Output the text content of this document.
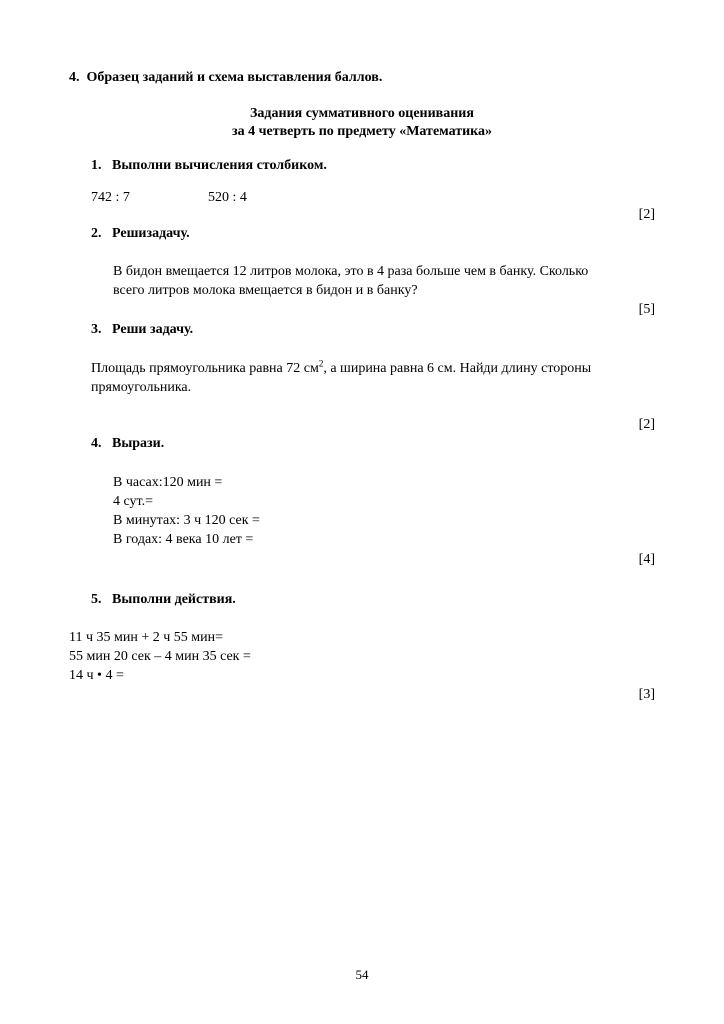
4. Образец заданий и схема выставления баллов.
Задания суммативного оценивания
за 4 четверть по предмету «Математика»
1. Выполни вычисления столбиком.
742 : 7	520 : 4
[2]
2. Решизадачу.
В бидон вмещается 12 литров молока, это в 4 раза больше чем в банку. Сколько
всего литров молока вмещается в бидон и в банку?
[5]
3. Реши задачу.
Площадь прямоугольника равна 72 $см^2$, а ширина равна 6 см. Найди длину стороны
прямоугольника.
[2]
4. Вырази.
В часах:120 мин =
4 сут.=
В минутах: 3 ч 120 сек =
В годах: 4 века 10 лет =
[4]
5. Выполни действия.
11 ч 35 мин + 2 ч 55 мин=
55 мин 20 сек – 4 мин 35 сек =
14 ч • 4 =
[3]
54
